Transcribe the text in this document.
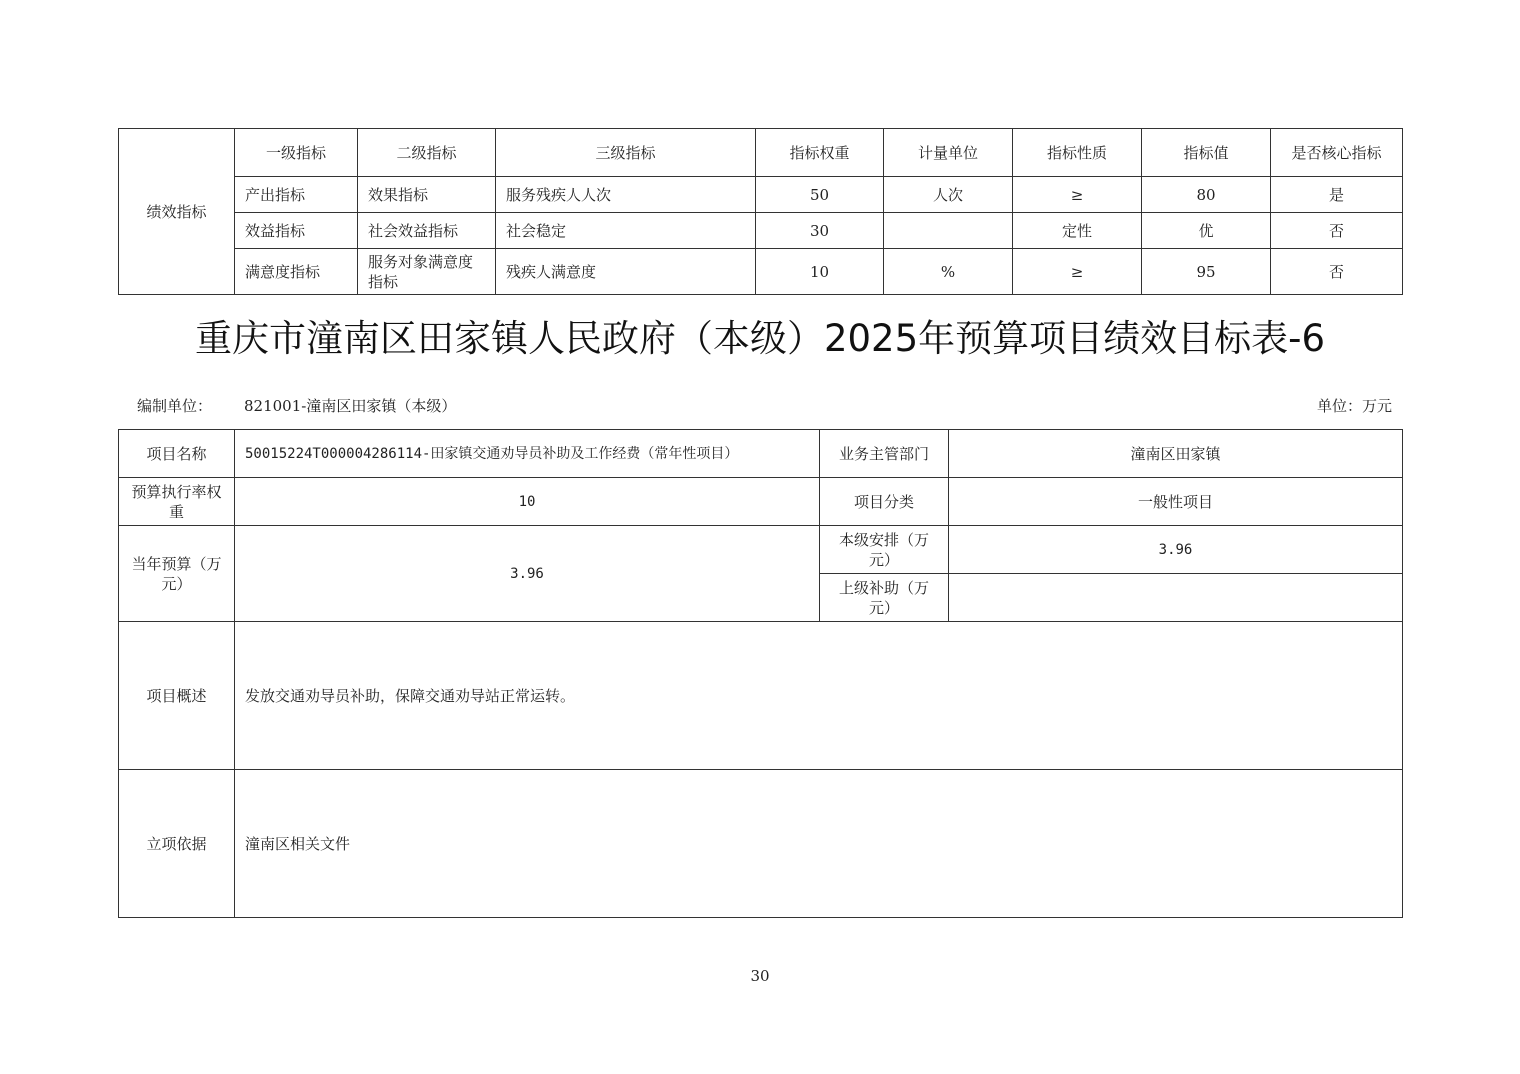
绩效指标	一级指标	二级指标	三级指标	指标权重	计量单位	指标性质	指标值	是否核心指标
	产出指标	效果指标	服务残疾人人次	50	人次	≥	80	是
	效益指标	社会效益指标	社会稳定	30		定性	优	否
	满意度指标	服务对象满意度指标	残疾人满意度	10	%	≥	95	否
重庆市潼南区田家镇人民政府（本级）2025年预算项目绩效目标表-6
编制单位： 821001-潼南区田家镇（本级）	单位：万元
项目名称	50015224T000004286114-田家镇交通劝导员补助及工作经费（常年性项目）	业务主管部门	潼南区田家镇
预算执行率权重	10	项目分类	一般性项目
当年预算（万元）	3.96	本级安排（万元）	3.96
		上级补助（万元）	
项目概述	发放交通劝导员补助，保障交通劝导站正常运转。		
立项依据	潼南区相关文件		
30
